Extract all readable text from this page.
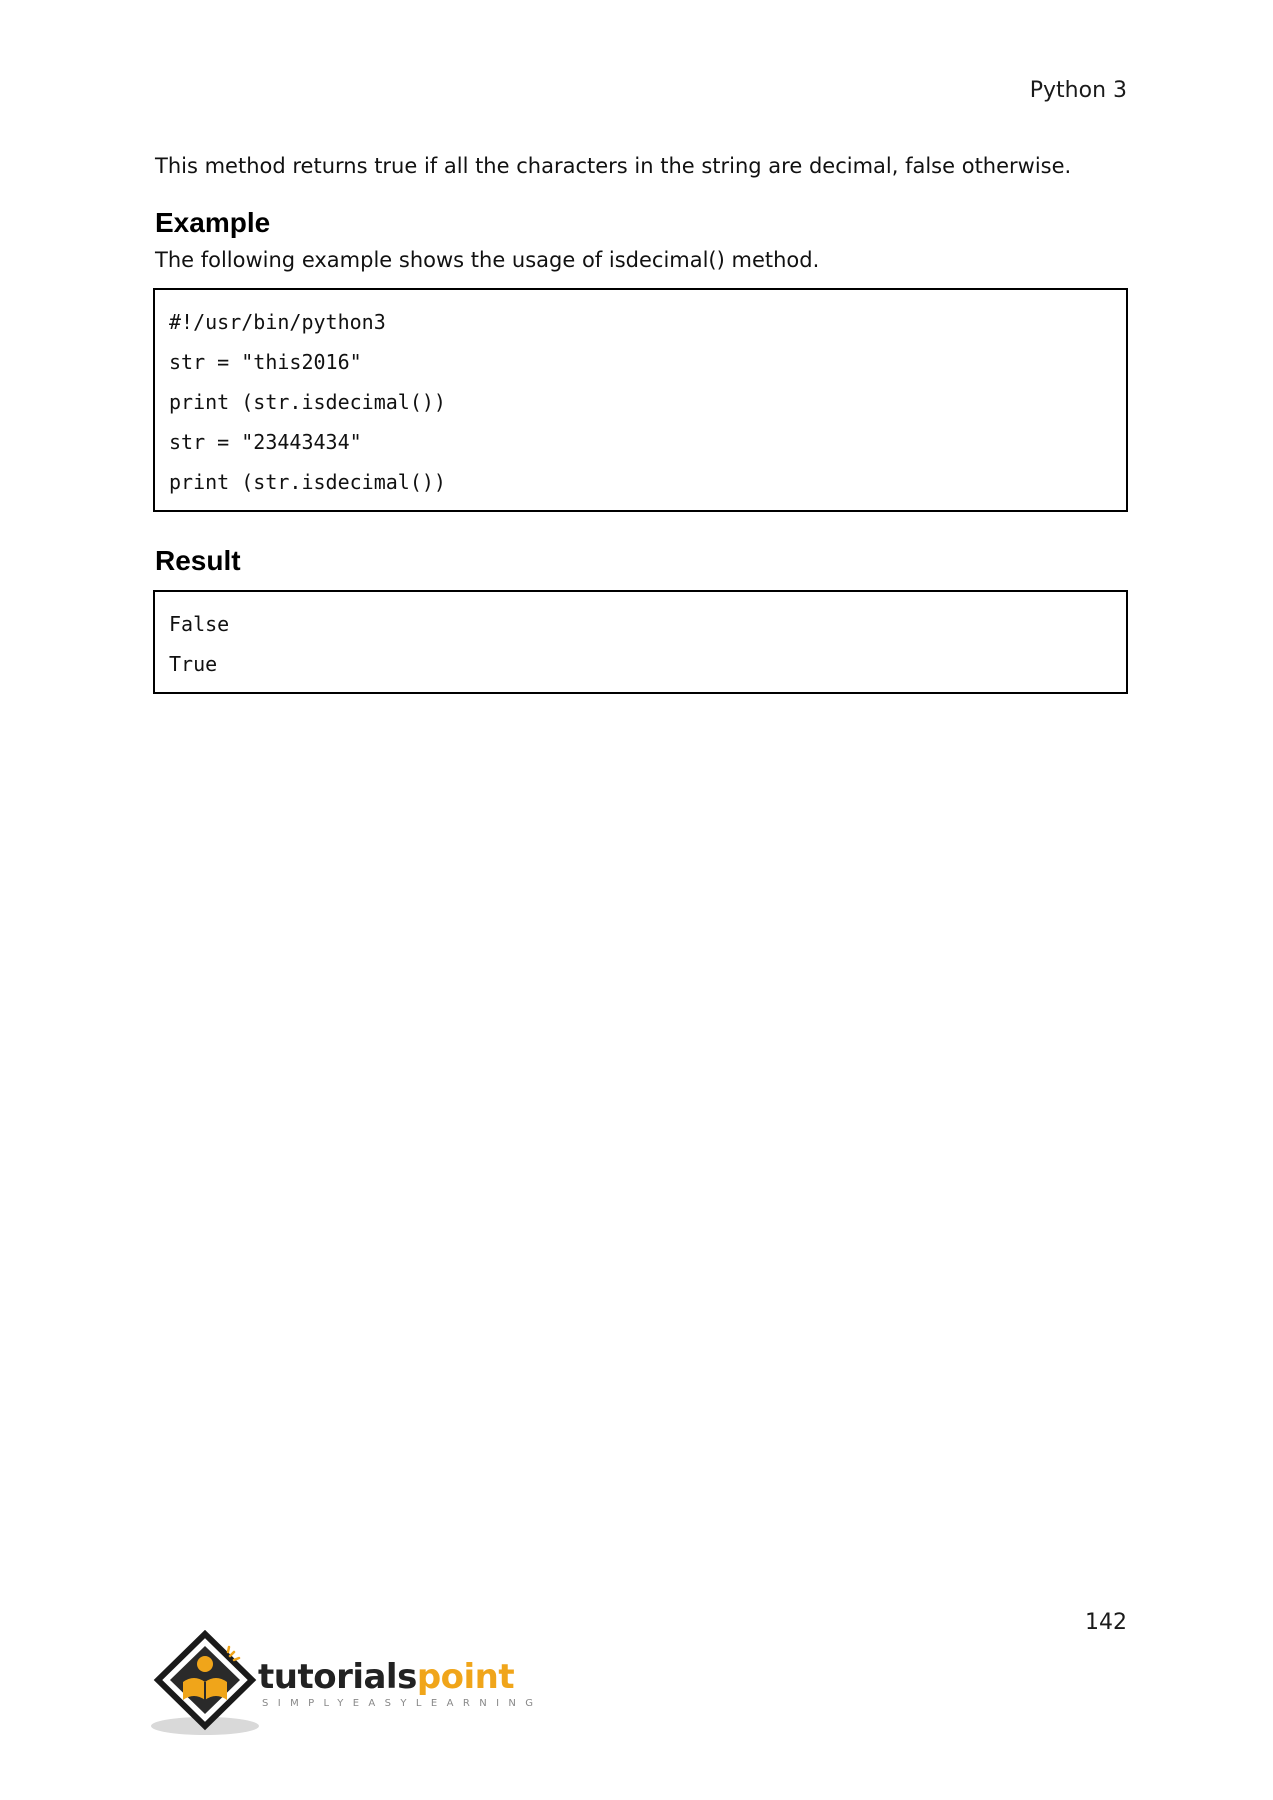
Python 3

This method returns true if all the characters in the string are decimal, false otherwise.

Example

The following example shows the usage of isdecimal() method.

#!/usr/bin/python3
str = "this2016"
print (str.isdecimal())
str = "23443434"
print (str.isdecimal())
Result
False
True
142
tutorialspoint
SIMPLYEASYLEARNING
